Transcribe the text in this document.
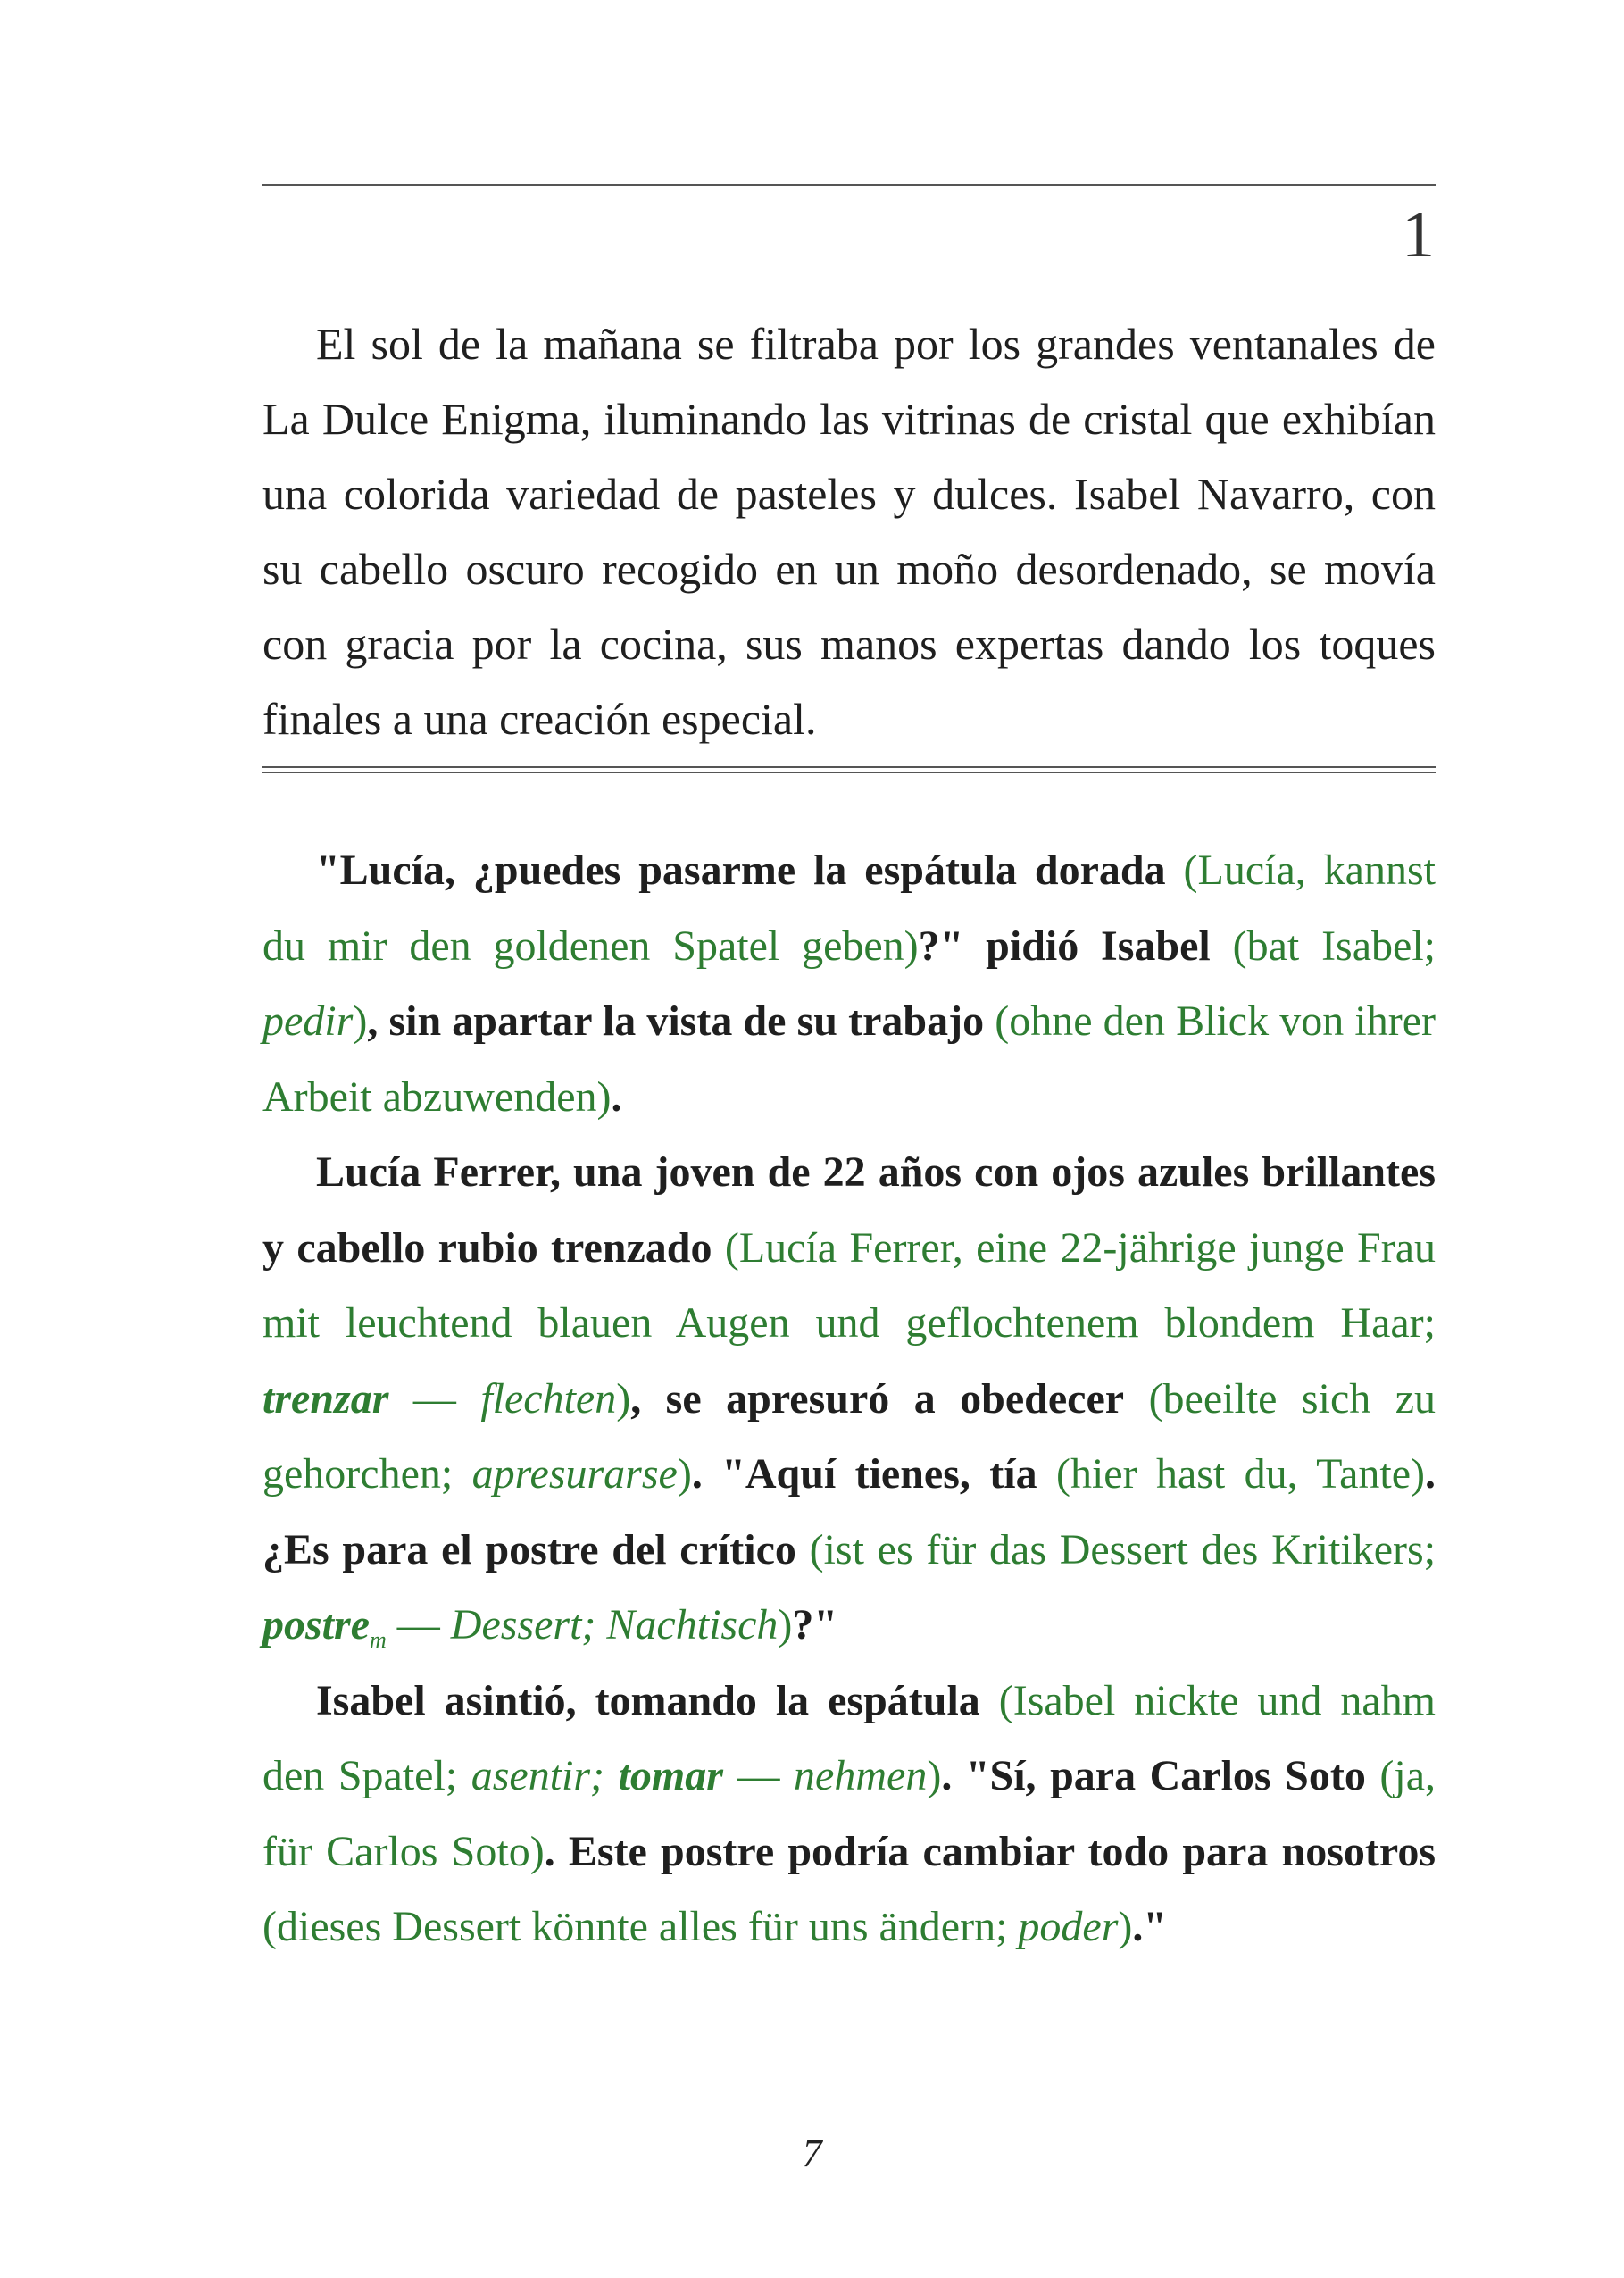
1

El sol de la mañana se filtraba por los grandes ventanales de La Dulce Enigma, iluminando las vitrinas de cristal que exhibían una colorida variedad de pasteles y dulces. Isabel Navarro, con su cabello oscuro recogido en un moño desordenado, se movía con gracia por la cocina, sus manos expertas dando los toques finales a una creación especial.

"Lucía, ¿puedes pasarme la espátula dorada (Lucía, kannst du mir den goldenen Spatel geben)?" pidió Isabel (bat Isabel; pedir), sin apartar la vista de su trabajo (ohne den Blick von ihrer Arbeit abzuwenden).

Lucía Ferrer, una joven de 22 años con ojos azules brillantes y cabello rubio trenzado (Lucía Ferrer, eine 22-jährige junge Frau mit leuchtend blauen Augen und geflochtenem blondem Haar; trenzar — flechten), se apresuró a obedecer (beeilte sich zu gehorchen; apresurarse). "Aquí tienes, tía (hier hast du, Tante). ¿Es para el postre del crítico (ist es für das Dessert des Kritikers; postre$_m$ — Dessert; Nachtisch)?"

Isabel asintió, tomando la espátula (Isabel nickte und nahm den Spatel; asentir; tomar — nehmen). "Sí, para Carlos Soto (ja, für Carlos Soto). Este postre podría cambiar todo para nosotros (dieses Dessert könnte alles für uns ändern; poder)."

7
